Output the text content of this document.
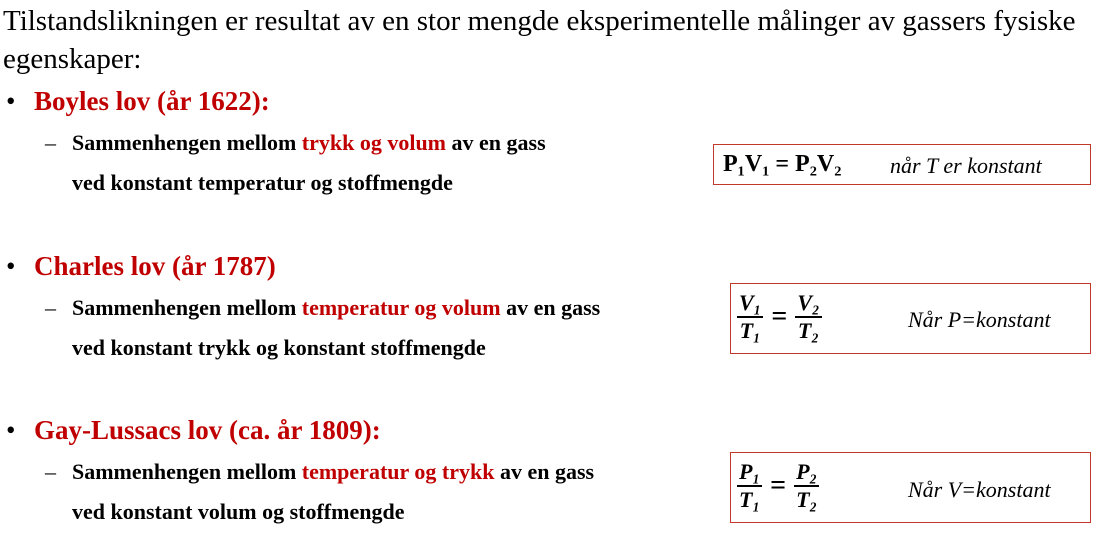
Tilstandslikningen er resultat av en stor mengde eksperimentelle målinger av gassers fysiske egenskaper:

• Boyles lov (år 1622):
– Sammenhengen mellom trykk og volum av en gass
ved konstant temperatur og stoffmengde
P₁V₁ = P₂V₂ når T er konstant
• Charles lov (år 1787)
– Sammenhengen mellom temperatur og volum av en gass
ved konstant trykk og konstant stoffmengde
$\frac{\text{V₁}}{\text{T₁}} = \frac{\text{V₂}}{\text{T₂}}$	Når P=konstant
• Gay-Lussacs lov (ca. år 1809):
– Sammenhengen mellom temperatur og trykk av en gass
ved konstant volum og stoffmengde	$\frac{\text{P₁}}{\text{T₁}} = \frac{\text{P₂}}{\text{T₂}}$	Når V=konstant
